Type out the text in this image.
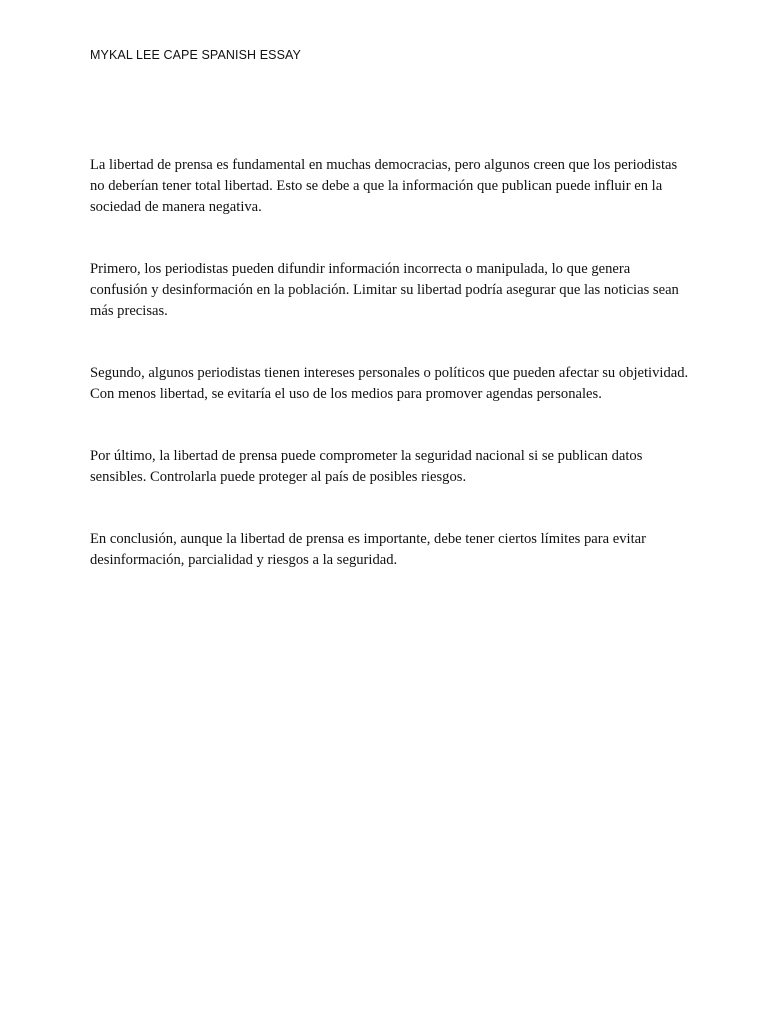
MYKAL LEE CAPE SPANISH ESSAY

La libertad de prensa es fundamental en muchas democracias, pero algunos creen que los periodistas no deberían tener total libertad. Esto se debe a que la información que publican puede influir en la sociedad de manera negativa.

Primero, los periodistas pueden difundir información incorrecta o manipulada, lo que genera confusión y desinformación en la población. Limitar su libertad podría asegurar que las noticias sean más precisas.

Segundo, algunos periodistas tienen intereses personales o políticos que pueden afectar su objetividad. Con menos libertad, se evitaría el uso de los medios para promover agendas personales.

Por último, la libertad de prensa puede comprometer la seguridad nacional si se publican datos sensibles. Controlarla puede proteger al país de posibles riesgos.

En conclusión, aunque la libertad de prensa es importante, debe tener ciertos límites para evitar desinformación, parcialidad y riesgos a la seguridad.
